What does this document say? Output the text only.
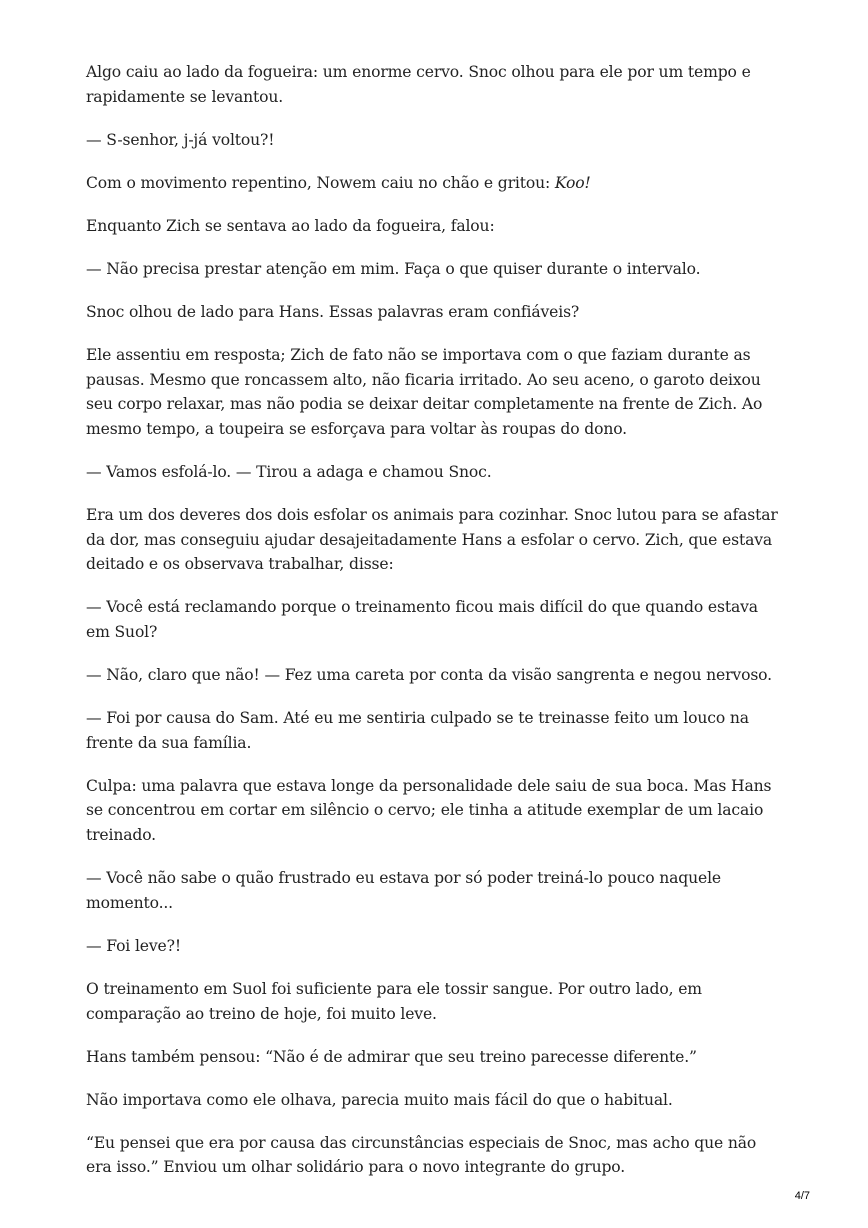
Algo caiu ao lado da fogueira: um enorme cervo. Snoc olhou para ele por um tempo e rapidamente se levantou.

— S-senhor, j-já voltou?!

Com o movimento repentino, Nowem caiu no chão e gritou: Koo!

Enquanto Zich se sentava ao lado da fogueira, falou:

— Não precisa prestar atenção em mim. Faça o que quiser durante o intervalo.

Snoc olhou de lado para Hans. Essas palavras eram confiáveis?

Ele assentiu em resposta; Zich de fato não se importava com o que faziam durante as pausas. Mesmo que roncassem alto, não ficaria irritado. Ao seu aceno, o garoto deixou seu corpo relaxar, mas não podia se deixar deitar completamente na frente de Zich. Ao mesmo tempo, a toupeira se esforçava para voltar às roupas do dono.

— Vamos esfolá-lo. — Tirou a adaga e chamou Snoc.

Era um dos deveres dos dois esfolar os animais para cozinhar. Snoc lutou para se afastar da dor, mas conseguiu ajudar desajeitadamente Hans a esfolar o cervo. Zich, que estava deitado e os observava trabalhar, disse:

— Você está reclamando porque o treinamento ficou mais difícil do que quando estava em Suol?

— Não, claro que não! — Fez uma careta por conta da visão sangrenta e negou nervoso.

— Foi por causa do Sam. Até eu me sentiria culpado se te treinasse feito um louco na frente da sua família.

Culpa: uma palavra que estava longe da personalidade dele saiu de sua boca. Mas Hans se concentrou em cortar em silêncio o cervo; ele tinha a atitude exemplar de um lacaio treinado.

— Você não sabe o quão frustrado eu estava por só poder treiná-lo pouco naquele momento...

— Foi leve?!

O treinamento em Suol foi suficiente para ele tossir sangue. Por outro lado, em comparação ao treino de hoje, foi muito leve.

Hans também pensou: “Não é de admirar que seu treino parecesse diferente.”

Não importava como ele olhava, parecia muito mais fácil do que o habitual.

“Eu pensei que era por causa das circunstâncias especiais de Snoc, mas acho que não era isso.” Enviou um olhar solidário para o novo integrante do grupo.

4/7
